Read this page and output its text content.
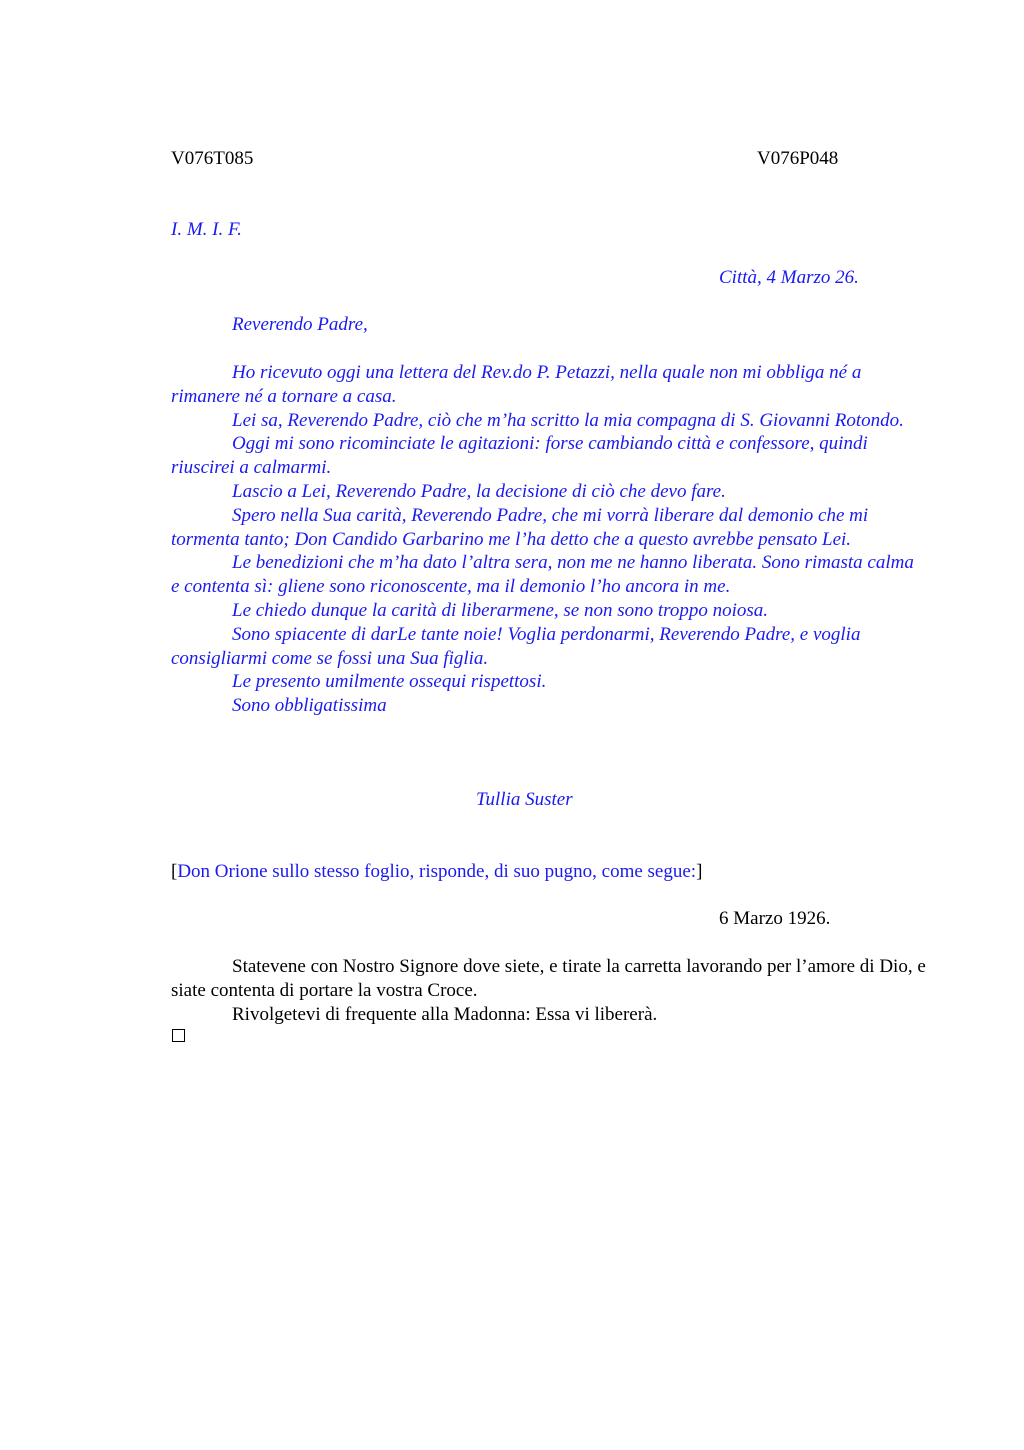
V076T085	V076P048
I. M. I. F.
Città, 4 Marzo 26.
Reverendo Padre,

Ho ricevuto oggi una lettera del Rev.do P. Petazzi, nella quale non mi obbliga né a rimanere né a tornare a casa.

Lei sa, Reverendo Padre, ciò che m’ha scritto la mia compagna di S. Giovanni Rotondo.

Oggi mi sono ricominciate le agitazioni: forse cambiando città e confessore, quindi riuscirei a calmarmi.

Lascio a Lei, Reverendo Padre, la decisione di ciò che devo fare.

Spero nella Sua carità, Reverendo Padre, che mi vorrà liberare dal demonio che mi tormenta tanto; Don Candido Garbarino me l’ha detto che a questo avrebbe pensato Lei.

Le benedizioni che m’ha dato l’altra sera, non me ne hanno liberata. Sono rimasta calma e contenta sì: gliene sono riconoscente, ma il demonio l’ho ancora in me.

Le chiedo dunque la carità di liberarmene, se non sono troppo noiosa.

Sono spiacente di darLe tante noie! Voglia perdonarmi, Reverendo Padre, e voglia consigliarmi come se fossi una Sua figlia.

Le presento umilmente ossequi rispettosi.

Sono obbligatissima

Tullia Suster
[Don Orione sullo stesso foglio, risponde, di suo pugno, come segue:]
6 Marzo 1926.

Statevene con Nostro Signore dove siete, e tirate la carretta lavorando per l’amore di Dio, e siate contenta di portare la vostra Croce.

Rivolgetevi di frequente alla Madonna: Essa vi libererà.
